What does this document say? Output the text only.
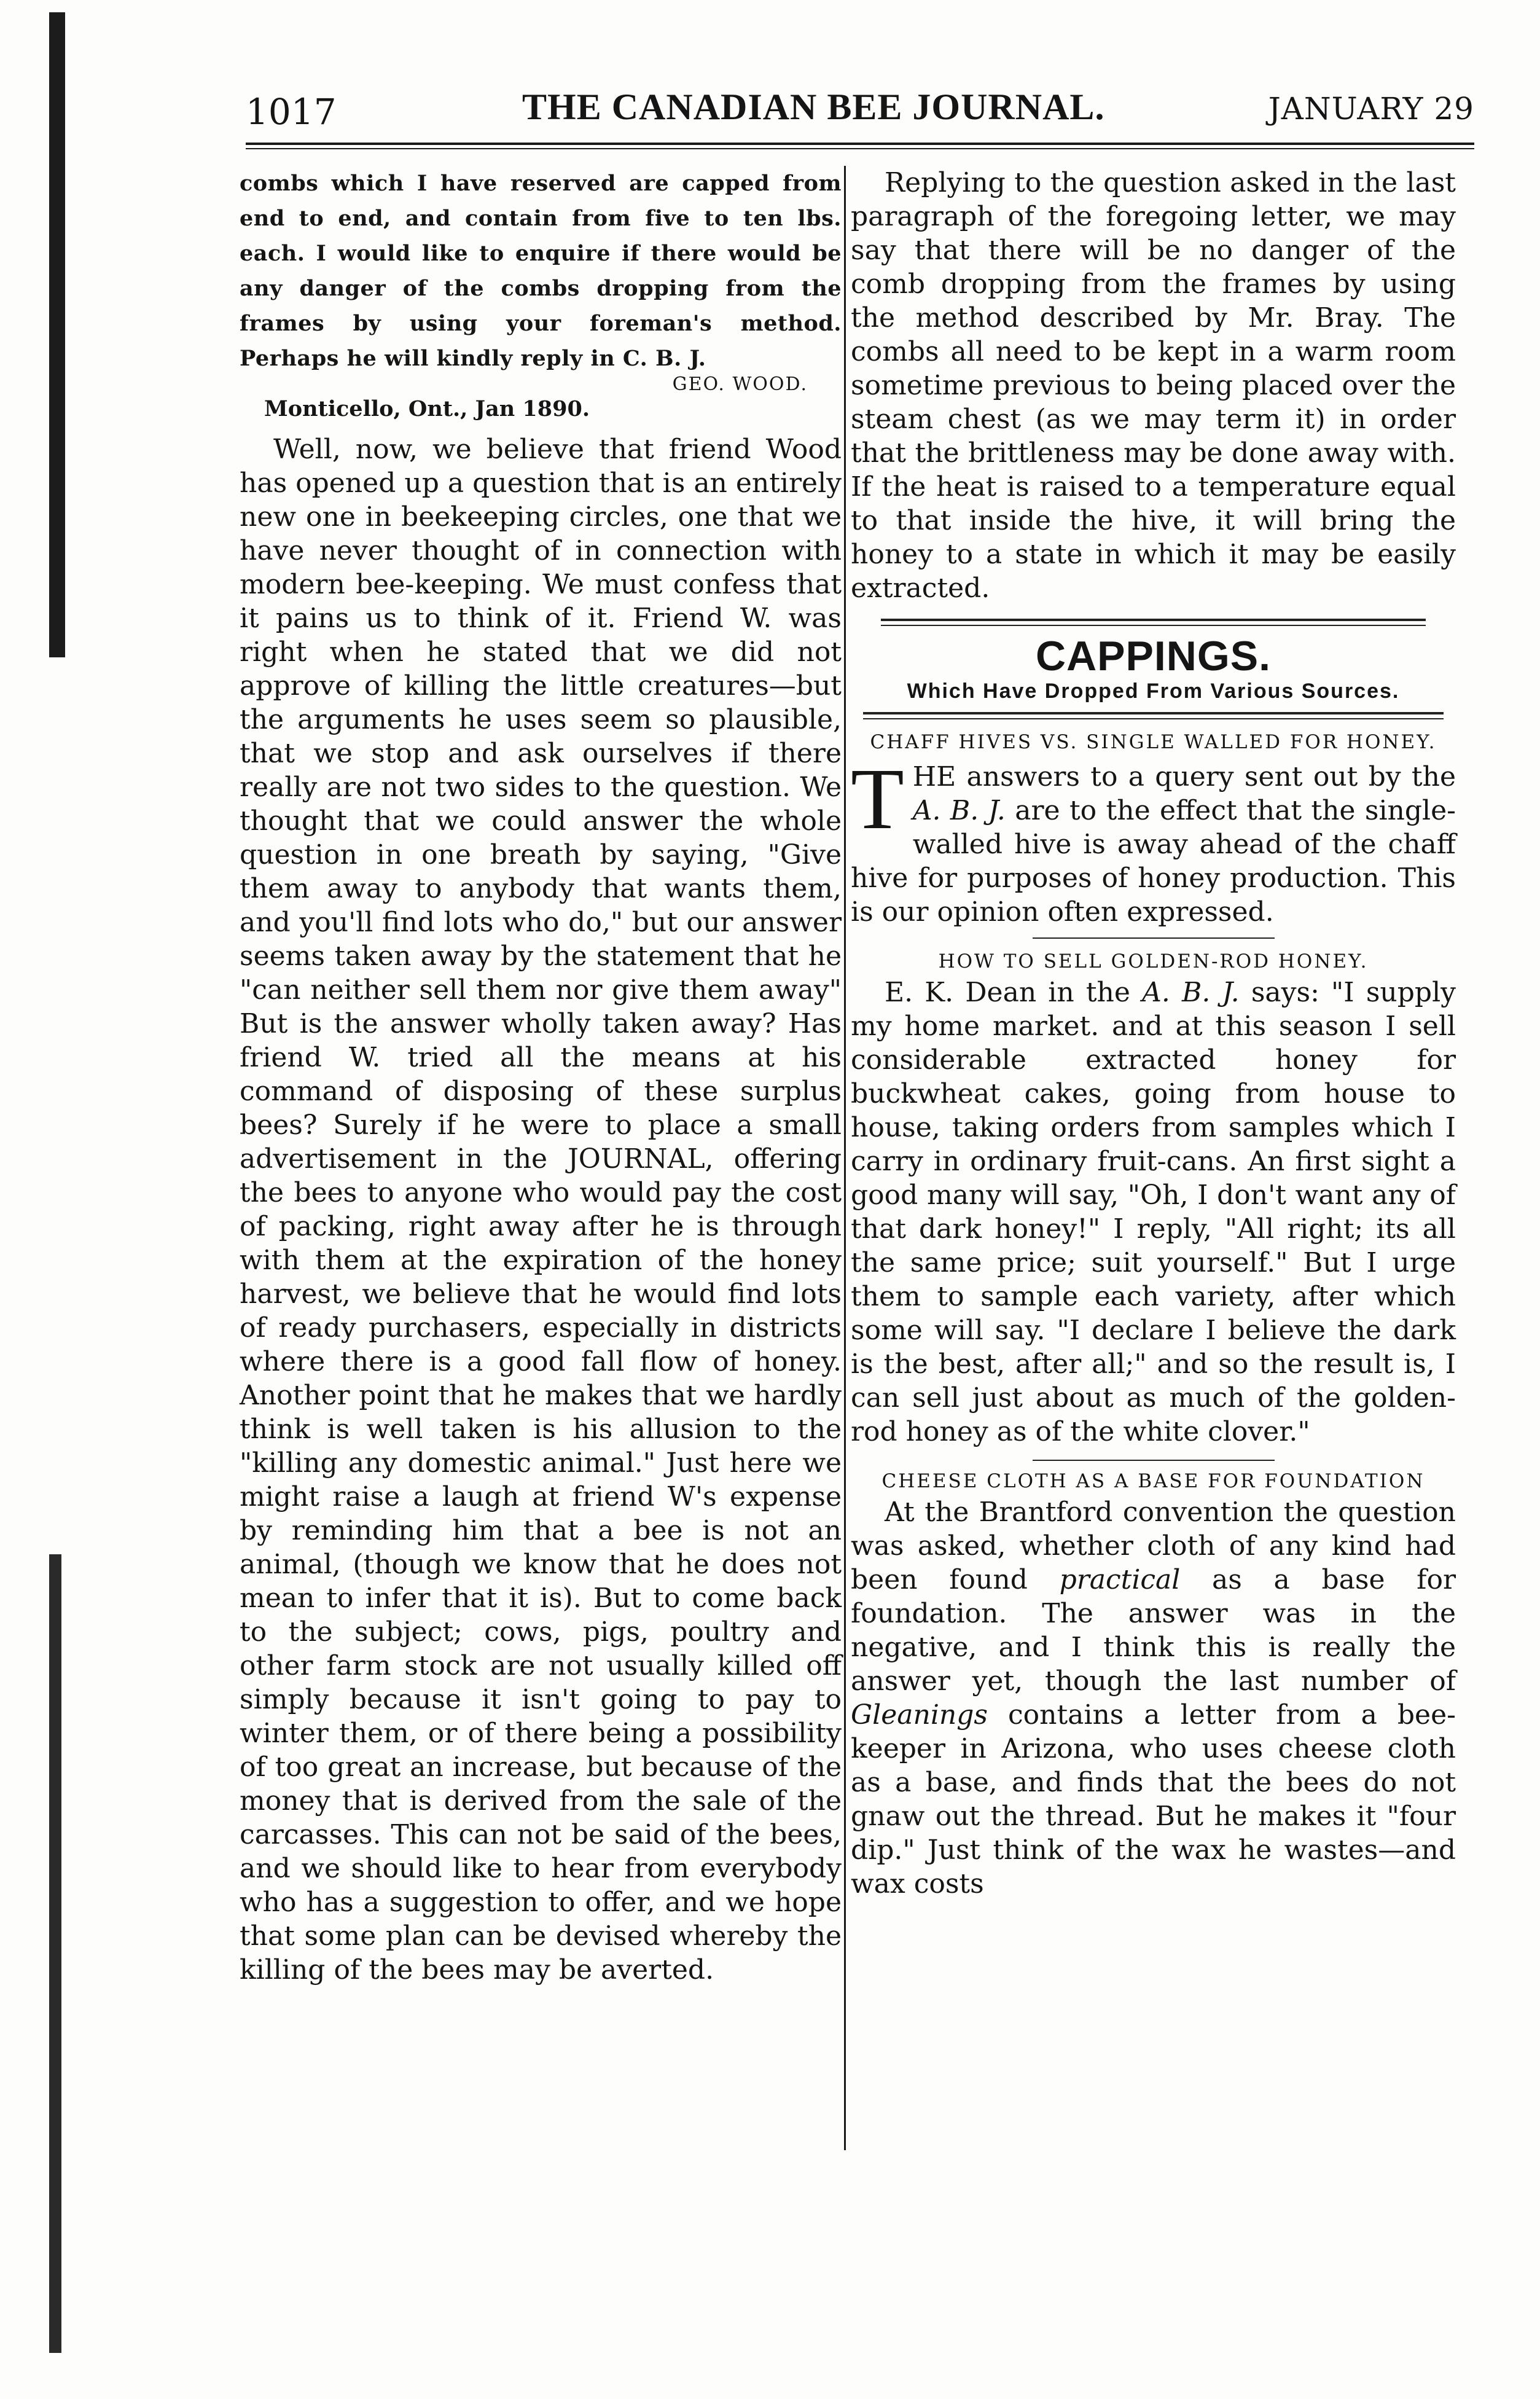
1017	THE CANADIAN BEE JOURNAL.	JANUARY 29

combs which I have reserved are capped from end to end, and contain from five to ten lbs. each. I would like to enquire if there would be any danger of the combs dropping from the frames by using your foreman's method. Perhaps he will kindly reply in C. B. J.

GEO. WOOD.

Monticello, Ont., Jan 1890.

Well, now, we believe that friend Wood has opened up a question that is an entirely new one in beekeeping circles, one that we have never thought of in connection with modern bee-keeping. We must confess that it pains us to think of it. Friend W. was right when he stated that we did not approve of killing the little creatures—but the arguments he uses seem so plausible, that we stop and ask ourselves if there really are not two sides to the question. We thought that we could answer the whole question in one breath by saying, "Give them away to anybody that wants them, and you'll find lots who do," but our answer seems taken away by the statement that he "can neither sell them nor give them away" But is the answer wholly taken away? Has friend W. tried all the means at his command of disposing of these surplus bees? Surely if he were to place a small advertisement in the JOURNAL, offering the bees to anyone who would pay the cost of packing, right away after he is through with them at the expiration of the honey harvest, we believe that he would find lots of ready purchasers, especially in districts where there is a good fall flow of honey. Another point that he makes that we hardly think is well taken is his allusion to the "killing any domestic animal." Just here we might raise a laugh at friend W's expense by reminding him that a bee is not an animal, (though we know that he does not mean to infer that it is). But to come back to the subject; cows, pigs, poultry and other farm stock are not usually killed off simply because it isn't going to pay to winter them, or of there being a possibility of too great an increase, but because of the money that is derived from the sale of the carcasses. This can not be said of the bees, and we should like to hear from everybody who has a suggestion to offer, and we hope that some plan can be devised whereby the killing of the bees may be averted.

Replying to the question asked in the last paragraph of the foregoing letter, we may say that there will be no danger of the comb dropping from the frames by using the method described by Mr. Bray. The combs all need to be kept in a warm room sometime previous to being placed over the steam chest (as we may term it) in order that the brittleness may be done away with. If the heat is raised to a temperature equal to that inside the hive, it will bring the honey to a state in which it may be easily extracted.

CAPPINGS.
Which Have Dropped From Various Sources.
CHAFF HIVES VS. SINGLE WALLED FOR HONEY.

THE answers to a query sent out by the A. B. J. are to the effect that the single-walled hive is away ahead of the chaff hive for purposes of honey production. This is our opinion often expressed.

HOW TO SELL GOLDEN-ROD HONEY.

E. K. Dean in the A. B. J. says: "I supply my home market. and at this season I sell considerable extracted honey for buckwheat cakes, going from house to house, taking orders from samples which I carry in ordinary fruit-cans. An first sight a good many will say, "Oh, I don't want any of that dark honey!" I reply, "All right; its all the same price; suit yourself." But I urge them to sample each variety, after which some will say. "I declare I believe the dark is the best, after all;" and so the result is, I can sell just about as much of the golden-rod honey as of the white clover."

CHEESE CLOTH AS A BASE FOR FOUNDATION

At the Brantford convention the question was asked, whether cloth of any kind had been found practical as a base for foundation. The answer was in the negative, and I think this is really the answer yet, though the last number of Gleanings contains a letter from a bee-keeper in Arizona, who uses cheese cloth as a base, and finds that the bees do not gnaw out the thread. But he makes it "four dip." Just think of the wax he wastes—and wax costs
